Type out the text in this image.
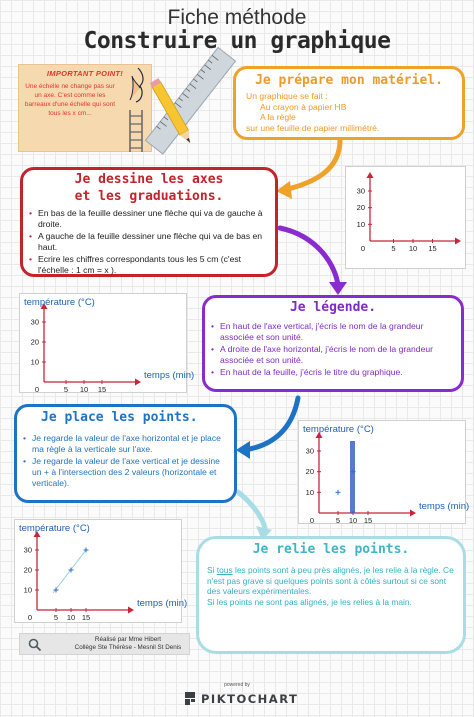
Fiche méthode
Construire un graphique
IMPORTANT POINT!
Une échelle ne change pas sur un axe. C'est comme les barreaux d'une échelle qui sont tous les x cm...
Je prépare mon matériel.
Un graphique se fait :
Au crayon à papier HB
A la règle
sur une feuille de papier millimétré.
Je dessine les axes
et les graduations.
• En bas de la feuille dessiner une flèche qui va de gauche à droite.
• A gauche de la feuille dessiner une flèche qui va de bas en haut.
• Ecrire les chiffres correspondants tous les 5 cm (c'est l'échelle : 1 cm = x ).
0	5 10 15
10
20
30
Je légende.
• En haut de l'axe vertical, j'écris le nom de la grandeur associée et son unité.
• A droite de l'axe horizontal, j'écris le nom de la grandeur associée et son unité.
• En haut de la feuille, j'écris le titre du graphique.
0	5 10 15
10
20
30
température (°C)
temps (min)
Je place les points.
• Je regarde la valeur de l'axe horizontal et je place ma règle à la verticale sur l'axe.
• Je regarde la valeur de l'axe vertical et je dessine un + à l'intersection des 2 valeurs (horizontale et verticale).
0	5 10 15
10
20
30
température (°C)
temps (min)
0	5 10 15
10
20
30
température (°C)
temps (min)
Je relie les points.
Si tous les points sont à peu près alignés, je les relie à la règle. Ce n'est pas grave si quelques points sont à côtés surtout si ce sont des valeurs expérimentales.
Si les points ne sont pas alignés, je les relies à la main.
Réalisé par Mme Hibert
Collège Ste Thérèse - Mesnil St Denis
powered by
PIKTOCHART
